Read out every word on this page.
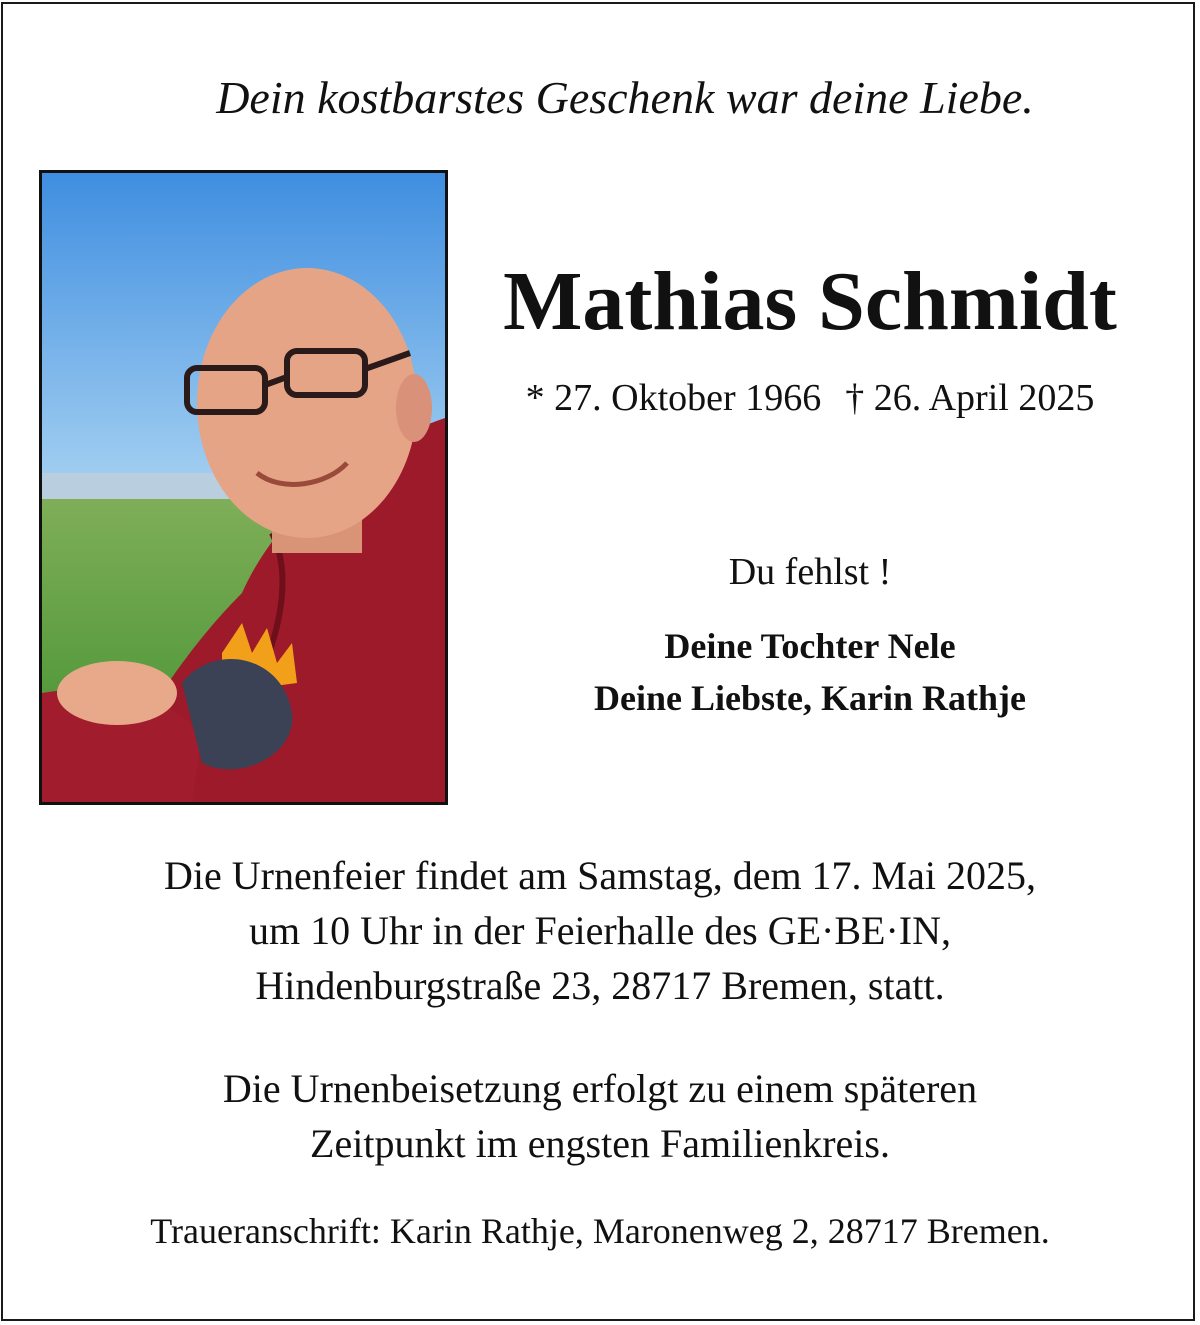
Dein kostbarstes Geschenk war deine Liebe.
Mathias Schmidt
* 27. Oktober 1966 † 26. April 2025
Du fehlst !
Deine Tochter Nele
Deine Liebste, Karin Rathje
Die Urnenfeier findet am Samstag, dem 17. Mai 2025,
um 10 Uhr in der Feierhalle des GE·BE·IN,
Hindenburgstraße 23, 28717 Bremen, statt.
Die Urnenbeisetzung erfolgt zu einem späteren
Zeitpunkt im engsten Familienkreis.
Traueranschrift: Karin Rathje, Maronenweg 2, 28717 Bremen.
